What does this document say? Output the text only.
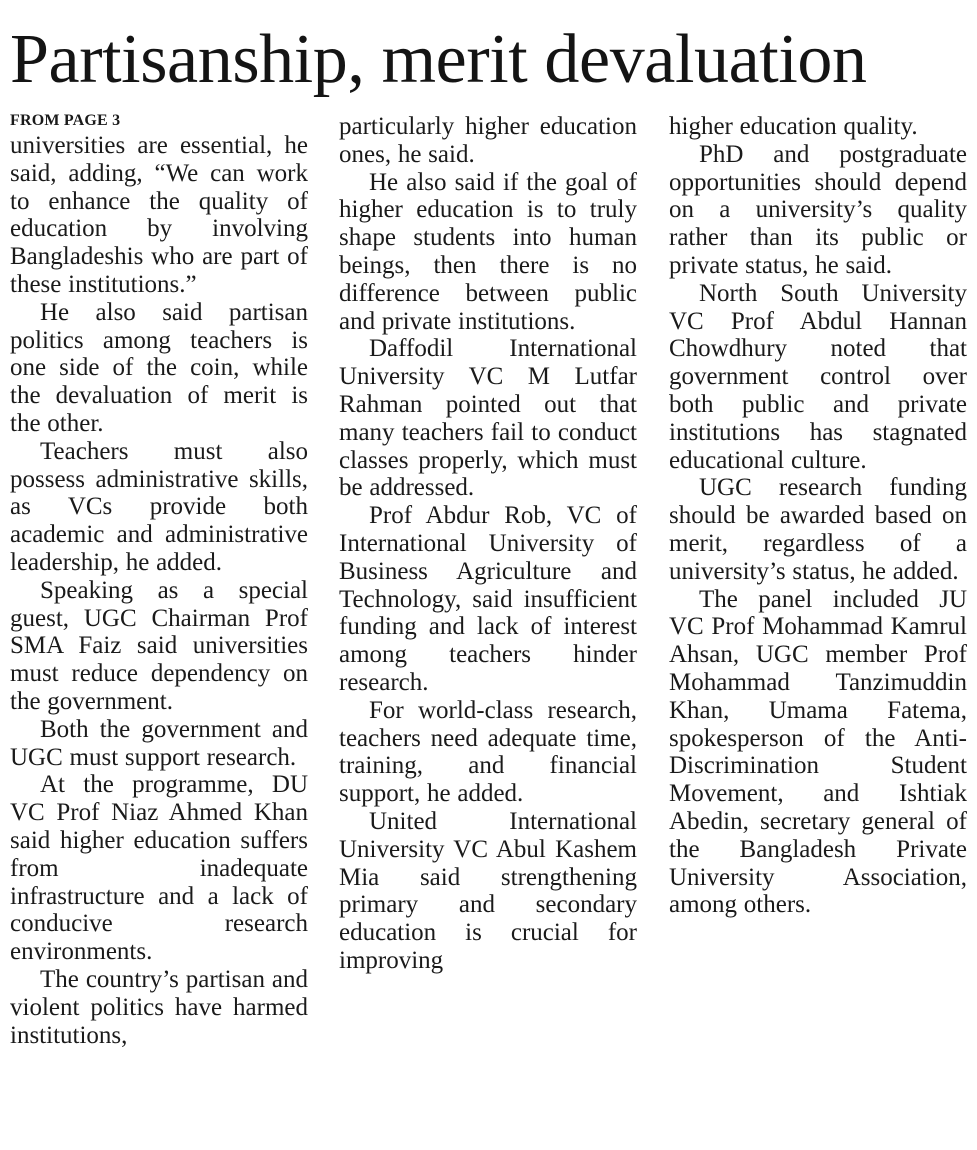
Partisanship, merit devaluation
FROM PAGE 3

universities are essential, he said, adding, “We can work to enhance the quality of education by involving Bangladeshis who are part of these institutions.”

He also said partisan politics among teachers is one side of the coin, while the devaluation of merit is the other.

Teachers must also possess administrative skills, as VCs provide both academic and administrative leadership, he added.

Speaking as a special guest, UGC Chairman Prof SMA Faiz said universities must reduce dependency on the government.

Both the government and UGC must support research.

At the programme, DU VC Prof Niaz Ahmed Khan said higher education suffers from inadequate infrastructure and a lack of conducive research environments.

The country’s partisan and violent politics have harmed institutions,

particularly higher education ones, he said.

He also said if the goal of higher education is to truly shape students into human beings, then there is no difference between public and private institutions.

Daffodil International University VC M Lutfar Rahman pointed out that many teachers fail to conduct classes properly, which must be addressed.

Prof Abdur Rob, VC of International University of Business Agriculture and Technology, said insufficient funding and lack of interest among teachers hinder research.

For world-class research, teachers need adequate time, training, and financial support, he added.

United International University VC Abul Kashem Mia said strengthening primary and secondary education is crucial for improving

higher education quality.

PhD and postgraduate opportunities should depend on a university’s quality rather than its public or private status, he said.

North South University VC Prof Abdul Hannan Chowdhury noted that government control over both public and private institutions has stagnated educational culture.

UGC research funding should be awarded based on merit, regardless of a university’s status, he added.

The panel included JU VC Prof Mohammad Kamrul Ahsan, UGC member Prof Mohammad Tanzimuddin Khan, Umama Fatema, spokesperson of the Anti-Discrimination Student Movement, and Ishtiak Abedin, secretary general of the Bangladesh Private University Association, among others.
